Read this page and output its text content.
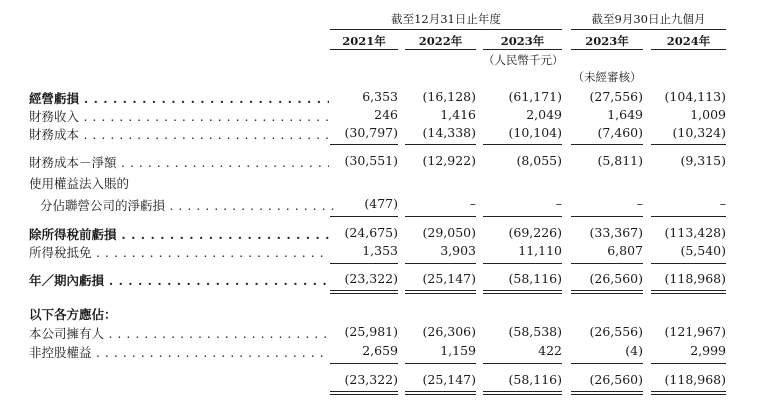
截至12月31日止年度	截至9月30日止九個月
2021年	2022年	2023年	2023年	2024年
（人民幣千元）
（未經審核）
經營虧損 . . .	6,353	(16,128)	(61,171)	(27,556)	(104,113)
財務收入 . . .	246	1,416	2,049	1,649	1,009
財務成本 . . .	(30,797)	(14,338)	(10,104)	(7,460)	(10,324)
財務成本－淨額 . . .	(30,551)	(12,922)	(8,055)	(5,811)	(9,315)
使用權益法入賬的
分佔聯營公司的淨虧損 . . .	(477)	–	–	–	–
除所得稅前虧損 . . .	(24,675)	(29,050)	(69,226)	(33,367)	(113,428)
所得稅抵免 . . .	1,353	3,903	11,110	6,807	(5,540)
年／期內虧損 . . .	(23,322)	(25,147)	(58,116)	(26,560)	(118,968)
以下各方應佔：
本公司擁有人 . . .	(25,981)	(26,306)	(58,538)	(26,556)	(121,967)
非控股權益 . . .	2,659	1,159	422	(4)	2,999
(23,322)	(25,147)	(58,116)	(26,560)	(118,968)
